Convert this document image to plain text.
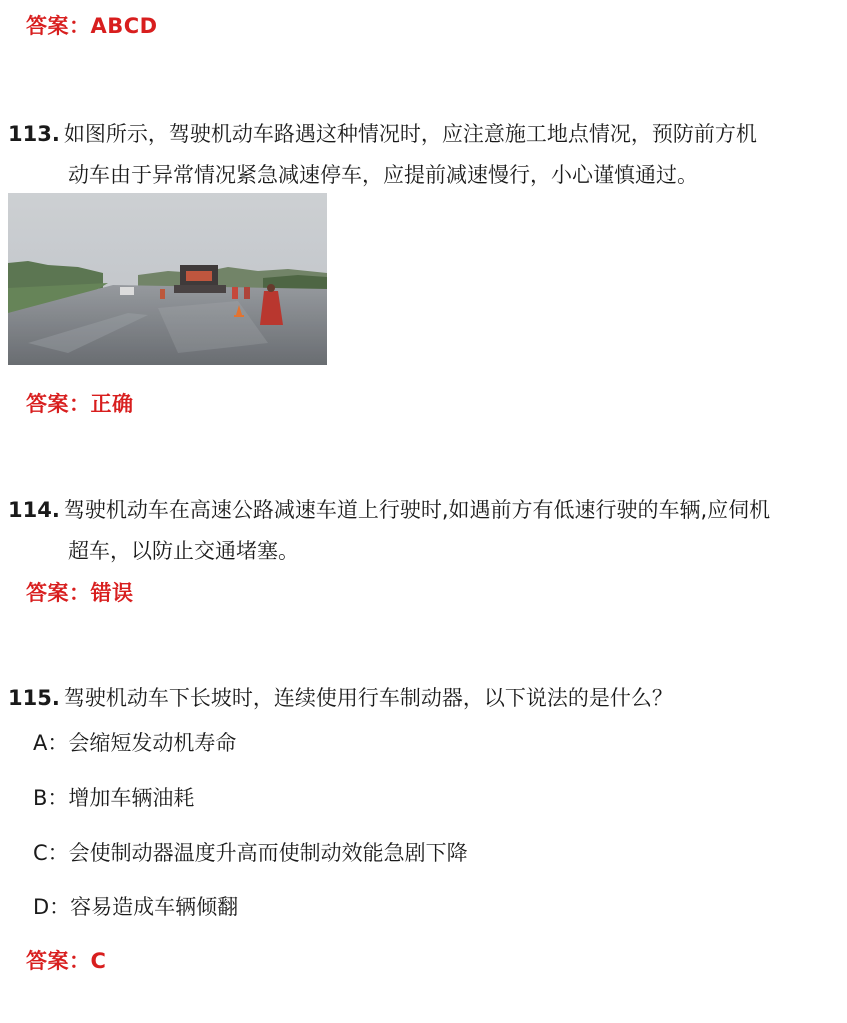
答案：ABCD
113. 如图所示，驾驶机动车路遇这种情况时，应注意施工地点情况，预防前方机
动车由于异常情况紧急减速停车，应提前减速慢行，小心谨慎通过。
答案：正确
114. 驾驶机动车在高速公路减速车道上行驶时,如遇前方有低速行驶的车辆,应伺机
超车，以防止交通堵塞。
答案：错误
115. 驾驶机动车下长坡时，连续使用行车制动器，以下说法的是什么？
A：会缩短发动机寿命
B：增加车辆油耗
C：会使制动器温度升高而使制动效能急剧下降
D：容易造成车辆倾翻
答案：C
